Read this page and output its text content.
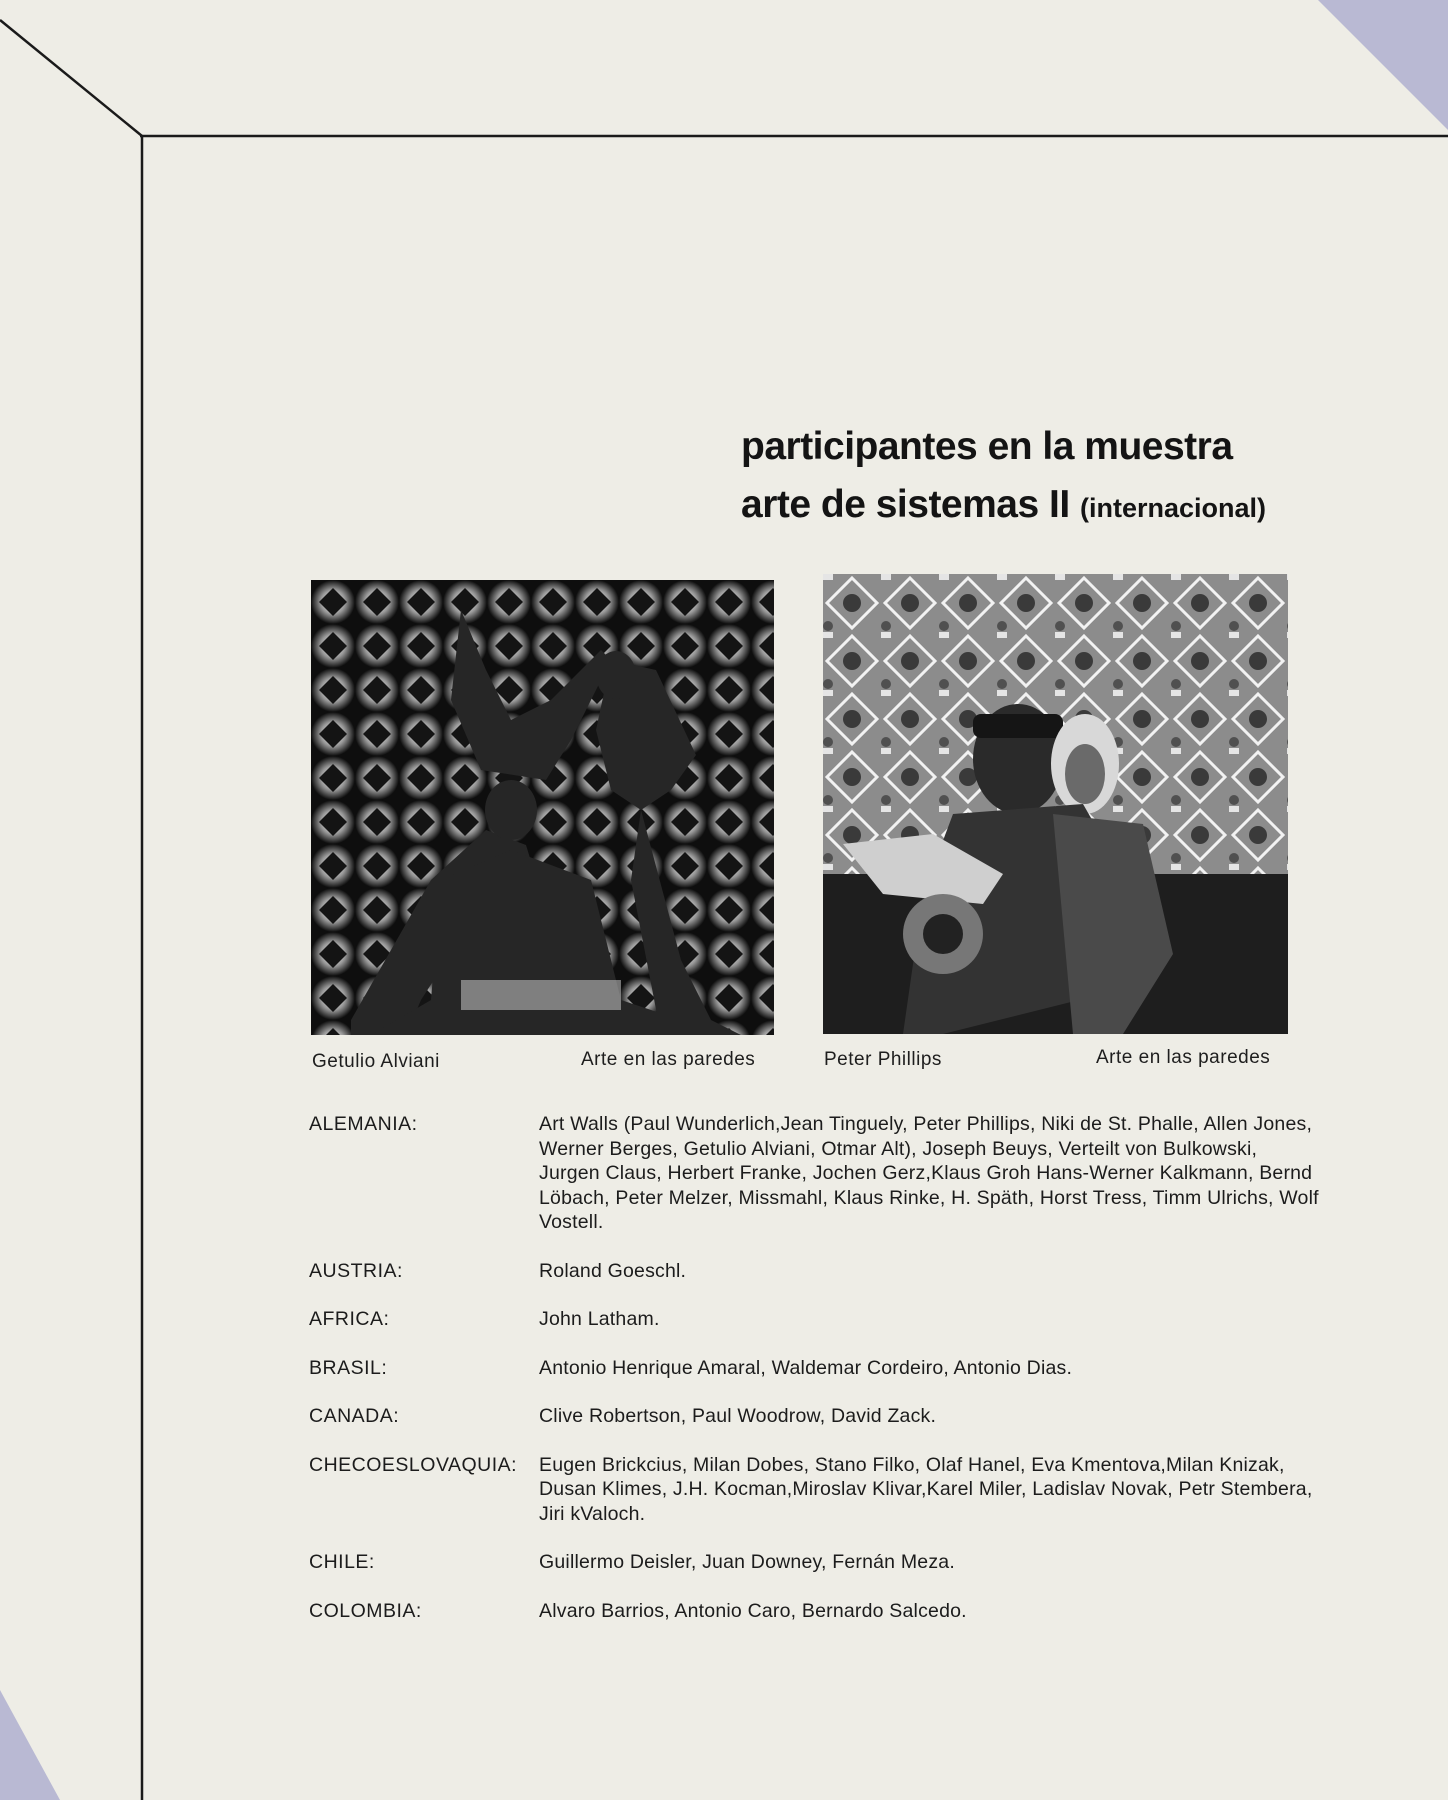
participantes en la muestra
arte de sistemas II (internacional)
Getulio Alviani	Arte en las paredes	Peter Phillips	Arte en las paredes
ALEMANIA:	Art Walls (Paul Wunderlich,Jean Tinguely, Peter Phillips, Niki de St. Phalle, Allen Jones, Werner Berges, Getulio Alviani, Otmar Alt), Joseph Beuys, Verteilt von Bulkowski, Jurgen Claus, Herbert Franke, Jochen Gerz,Klaus Groh Hans-Werner Kalkmann, Bernd Löbach, Peter Melzer, Missmahl, Klaus Rinke, H. Späth, Horst Tress, Timm Ulrichs, Wolf Vostell.
AUSTRIA:	Roland Goeschl.
AFRICA:	John Latham.
BRASIL:	Antonio Henrique Amaral, Waldemar Cordeiro, Antonio Dias.
CANADA:	Clive Robertson, Paul Woodrow, David Zack.
CHECOESLOVAQUIA:	Eugen Brickcius, Milan Dobes, Stano Filko, Olaf Hanel, Eva Kmentova,Milan Knizak, Dusan Klimes, J.H. Kocman,Miroslav Klivar,Karel Miler, Ladislav Novak, Petr Stembera, Jiri kValoch.
CHILE:	Guillermo Deisler, Juan Downey, Fernán Meza.
COLOMBIA:	Alvaro Barrios, Antonio Caro, Bernardo Salcedo.
